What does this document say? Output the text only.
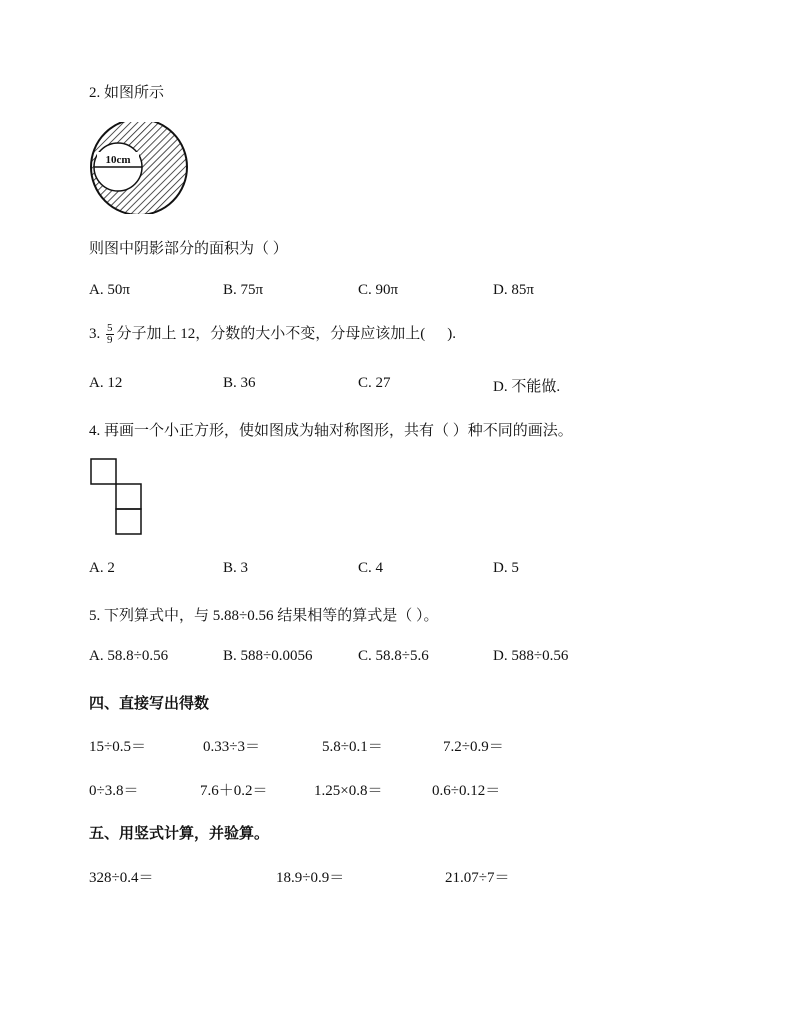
2. 如图所示
10cm
则图中阴影部分的面积为（ ）
A. 50π	B. 75π	C. 90π	D. 85π
3. $\frac{5}{9}$ 分子加上 12，分数的大小不变，分母应该加上( ).
A. 12	B. 36	C. 27	D. 不能做.
4. 再画一个小正方形，使如图成为轴对称图形，共有（ ）种不同的画法。
A. 2	B. 3	C. 4	D. 5
5. 下列算式中，与 5.88÷0.56 结果相等的算式是（ ）。
A. 58.8÷0.56	B. 588÷0.0056	C. 58.8÷5.6	D. 588÷0.56
四、直接写出得数
15÷0.5＝	0.33÷3＝	5.8÷0.1＝	7.2÷0.9＝
0÷3.8＝	7.6＋0.2＝	1.25×0.8＝	0.6÷0.12＝
五、用竖式计算，并验算。
328÷0.4＝	18.9÷0.9＝	21.07÷7＝
